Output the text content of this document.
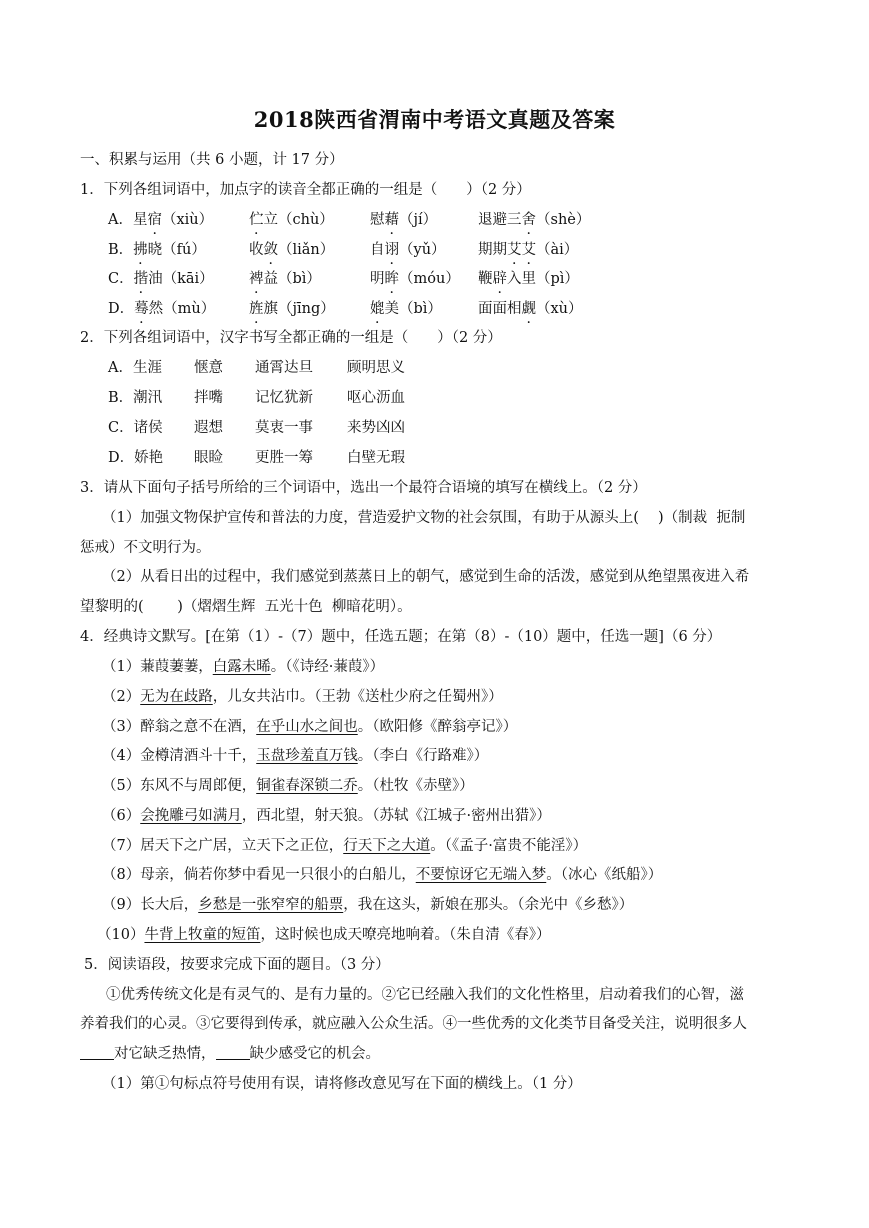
2018陕西省渭南中考语文真题及答案
一、积累与运用（共 6 小题，计 17 分）
1．下列各组词语中，加点字的读音全都正确的一组是（　　）（2 分）
A．星宿（xiù） 伫立（chù） 慰藉（jí）	退避三舍（shè）
B．拂晓（fú）	收敛（liǎn） 自诩（yǔ） 期期艾艾（ài）
C．揩油（kāi） 裨益（bì）	明眸（móu） 鞭辟入里（pì）
D．蓦然（mù） 旌旗（jīng） 媲美（bì） 面面相觑（xù）
2．下列各组词语中，汉字书写全都正确的一组是（　　）（2 分）
A．生涯 惬意 通霄达旦 顾明思义
B．潮汛 拌嘴 记忆犹新 呕心沥血
C．诸侯 遐想 莫衷一事 来势凶凶
D．娇艳 眼睑 更胜一筹 白壁无瑕
3．请从下面句子括号所给的三个词语中，选出一个最符合语境的填写在横线上。（2 分）
（1）加强文物保护宣传和普法的力度，营造爱护文物的社会氛围，有助于从源头上(　 )（制裁  扼制
惩戒）不文明行为。
（2）从看日出的过程中，我们感觉到蒸蒸日上的朝气，感觉到生命的活泼，感觉到从绝望黑夜进入希
望黎明的(　　 )（熠熠生辉  五光十色  柳暗花明）。
4．经典诗文默写。[在第（1）-（7）题中，任选五题；在第（8）-（10）题中，任选一题]（6 分）
（1）蒹葭萋萋，白露未晞。（《诗经·蒹葭》）
（2）无为在歧路，儿女共沾巾。（王勃《送杜少府之任蜀州》）
（3）醉翁之意不在酒，在乎山水之间也。（欧阳修《醉翁亭记》）
（4）金樽清酒斗十千，玉盘珍羞直万钱。（李白《行路难》）
（5）东风不与周郎便，铜雀春深锁二乔。（杜牧《赤壁》）
（6）会挽雕弓如满月，西北望，射天狼。（苏轼《江城子·密州出猎》）
（7）居天下之广居，立天下之正位，行天下之大道。（《孟子·富贵不能淫》）
（8）母亲，倘若你梦中看见一只很小的白船儿，不要惊讶它无端入梦。（冰心《纸船》）
（9）长大后，乡愁是一张窄窄的船票，我在这头，新娘在那头。（余光中《乡愁》）
（10）牛背上牧童的短笛，这时候也成天嘹亮地响着。（朱自清《春》）
5．阅读语段，按要求完成下面的题目。（3 分）
①优秀传统文化是有灵气的、是有力量的。②它已经融入我们的文化性格里，启动着我们的心智，滋
养着我们的心灵。③它要得到传承，就应融入公众生活。④一些优秀的文化类节目备受关注，说明很多人
对它缺乏热情， 缺少感受它的机会。
（1）第①句标点符号使用有误，请将修改意见写在下面的横线上。（1 分）
